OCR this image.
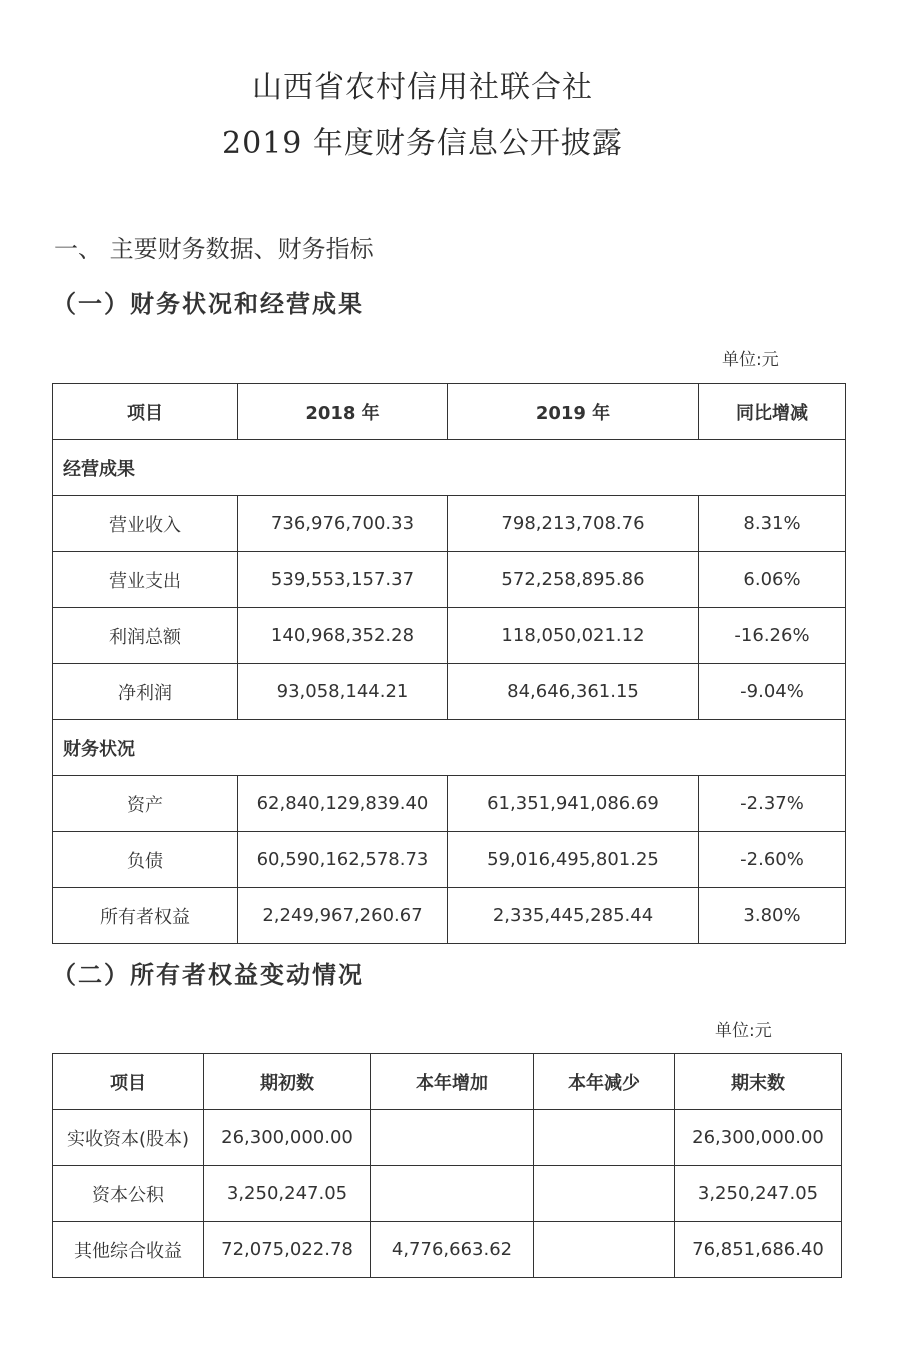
山西省农村信用社联合社
2019 年度财务信息公开披露
一、 主要财务数据、财务指标
（一）财务状况和经营成果
单位:元
项目	2018 年	2019 年	同比增减
经营成果			
营业收入	736,976,700.33	798,213,708.76	8.31%
营业支出	539,553,157.37	572,258,895.86	6.06%
利润总额	140,968,352.28	118,050,021.12	-16.26%
净利润	93,058,144.21	84,646,361.15	-9.04%
财务状况			
资产	62,840,129,839.40	61,351,941,086.69	-2.37%
负债	60,590,162,578.73	59,016,495,801.25	-2.60%
所有者权益	2,249,967,260.67	2,335,445,285.44	3.80%
（二）所有者权益变动情况
单位:元
项目	期初数	本年增加	本年减少	期末数
实收资本(股本)	26,300,000.00			26,300,000.00
资本公积	3,250,247.05			3,250,247.05
其他综合收益	72,075,022.78	4,776,663.62		76,851,686.40
